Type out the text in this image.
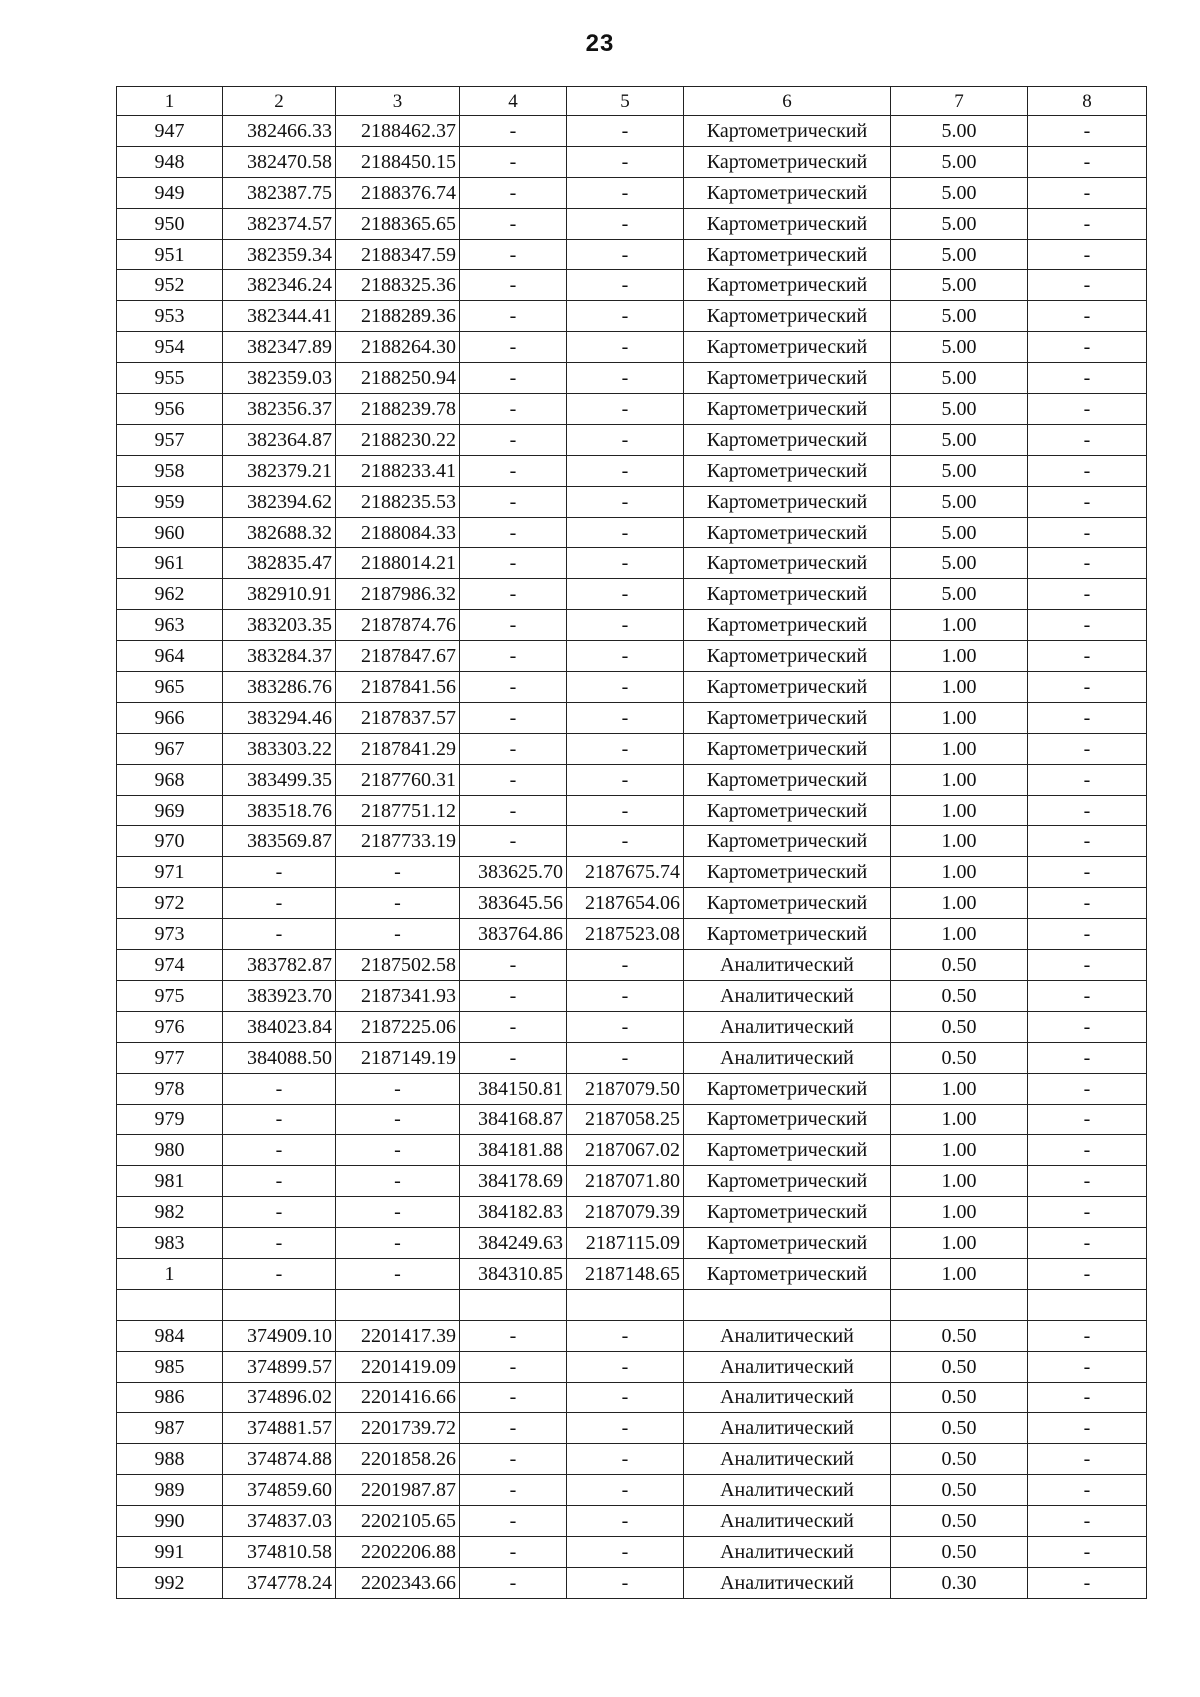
23
1	2	3	4	5	6	7	8
947	382466.33	2188462.37	-	-	Картометрический	5.00	-
948	382470.58	2188450.15	-	-	Картометрический	5.00	-
949	382387.75	2188376.74	-	-	Картометрический	5.00	-
950	382374.57	2188365.65	-	-	Картометрический	5.00	-
951	382359.34	2188347.59	-	-	Картометрический	5.00	-
952	382346.24	2188325.36	-	-	Картометрический	5.00	-
953	382344.41	2188289.36	-	-	Картометрический	5.00	-
954	382347.89	2188264.30	-	-	Картометрический	5.00	-
955	382359.03	2188250.94	-	-	Картометрический	5.00	-
956	382356.37	2188239.78	-	-	Картометрический	5.00	-
957	382364.87	2188230.22	-	-	Картометрический	5.00	-
958	382379.21	2188233.41	-	-	Картометрический	5.00	-
959	382394.62	2188235.53	-	-	Картометрический	5.00	-
960	382688.32	2188084.33	-	-	Картометрический	5.00	-
961	382835.47	2188014.21	-	-	Картометрический	5.00	-
962	382910.91	2187986.32	-	-	Картометрический	5.00	-
963	383203.35	2187874.76	-	-	Картометрический	1.00	-
964	383284.37	2187847.67	-	-	Картометрический	1.00	-
965	383286.76	2187841.56	-	-	Картометрический	1.00	-
966	383294.46	2187837.57	-	-	Картометрический	1.00	-
967	383303.22	2187841.29	-	-	Картометрический	1.00	-
968	383499.35	2187760.31	-	-	Картометрический	1.00	-
969	383518.76	2187751.12	-	-	Картометрический	1.00	-
970	383569.87	2187733.19	-	-	Картометрический	1.00	-
971	-	-	383625.70	2187675.74	Картометрический	1.00	-
972	-	-	383645.56	2187654.06	Картометрический	1.00	-
973	-	-	383764.86	2187523.08	Картометрический	1.00	-
974	383782.87	2187502.58	-	-	Аналитический	0.50	-
975	383923.70	2187341.93	-	-	Аналитический	0.50	-
976	384023.84	2187225.06	-	-	Аналитический	0.50	-
977	384088.50	2187149.19	-	-	Аналитический	0.50	-
978	-	-	384150.81	2187079.50	Картометрический	1.00	-
979	-	-	384168.87	2187058.25	Картометрический	1.00	-
980	-	-	384181.88	2187067.02	Картометрический	1.00	-
981	-	-	384178.69	2187071.80	Картометрический	1.00	-
982	-	-	384182.83	2187079.39	Картометрический	1.00	-
983	-	-	384249.63	2187115.09	Картометрический	1.00	-
1	-	-	384310.85	2187148.65	Картометрический	1.00	-

984	374909.10	2201417.39	-	-	Аналитический	0.50	-
985	374899.57	2201419.09	-	-	Аналитический	0.50	-
986	374896.02	2201416.66	-	-	Аналитический	0.50	-
987	374881.57	2201739.72	-	-	Аналитический	0.50	-
988	374874.88	2201858.26	-	-	Аналитический	0.50	-
989	374859.60	2201987.87	-	-	Аналитический	0.50	-
990	374837.03	2202105.65	-	-	Аналитический	0.50	-
991	374810.58	2202206.88	-	-	Аналитический	0.50	-
992	374778.24	2202343.66	-	-	Аналитический	0.30	-
